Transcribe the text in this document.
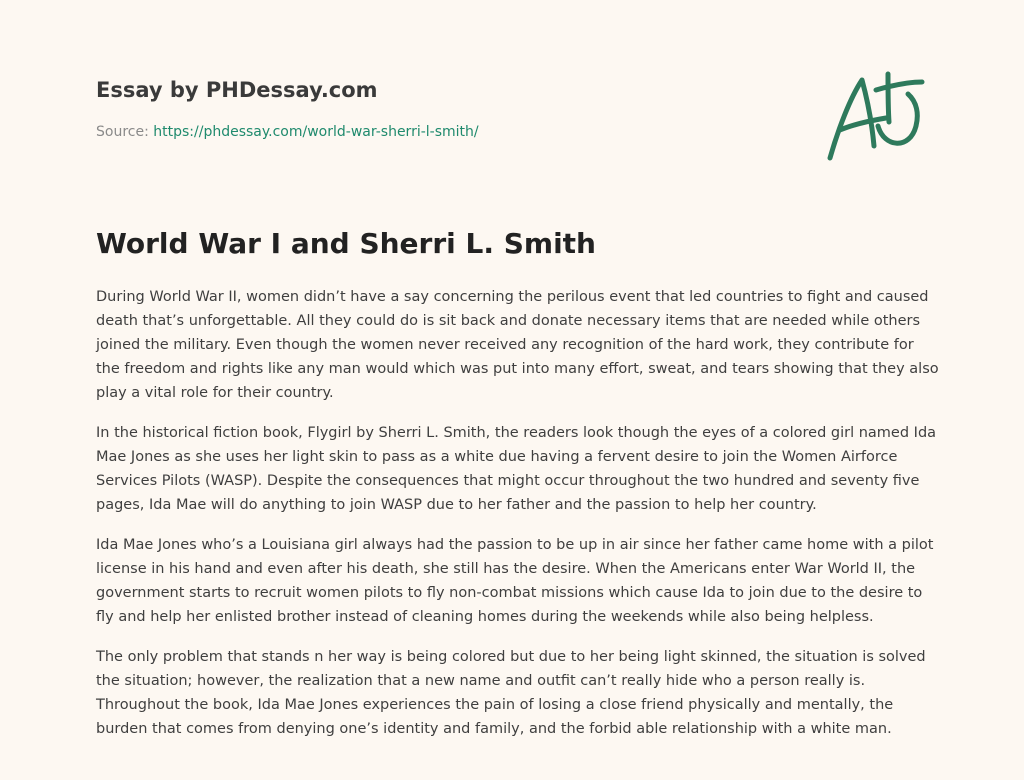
Essay by PHDessay.com
Source: https://phdessay.com/world-war-sherri-l-smith/
World War I and Sherri L. Smith

During World War II, women didn’t have a say concerning the perilous event that led countries to fight and caused death that’s unforgettable. All they could do is sit back and donate necessary items that are needed while others joined the military. Even though the women never received any recognition of the hard work, they contribute for the freedom and rights like any man would which was put into many effort, sweat, and tears showing that they also play a vital role for their country.

In the historical fiction book, Flygirl by Sherri L. Smith, the readers look though the eyes of a colored girl named Ida Mae Jones as she uses her light skin to pass as a white due having a fervent desire to join the Women Airforce Services Pilots (WASP). Despite the consequences that might occur throughout the two hundred and seventy five pages, Ida Mae will do anything to join WASP due to her father and the passion to help her country.

Ida Mae Jones who’s a Louisiana girl always had the passion to be up in air since her father came home with a pilot license in his hand and even after his death, she still has the desire. When the Americans enter War World II, the government starts to recruit women pilots to fly non-combat missions which cause Ida to join due to the desire to fly and help her enlisted brother instead of cleaning homes during the weekends while also being helpless.

The only problem that stands n her way is being colored but due to her being light skinned, the situation is solved the situation; however, the realization that a new name and outfit can’t really hide who a person really is. Throughout the book, Ida Mae Jones experiences the pain of losing a close friend physically and mentally, the burden that comes from denying one’s identity and family, and the forbid able relationship with a white man.
